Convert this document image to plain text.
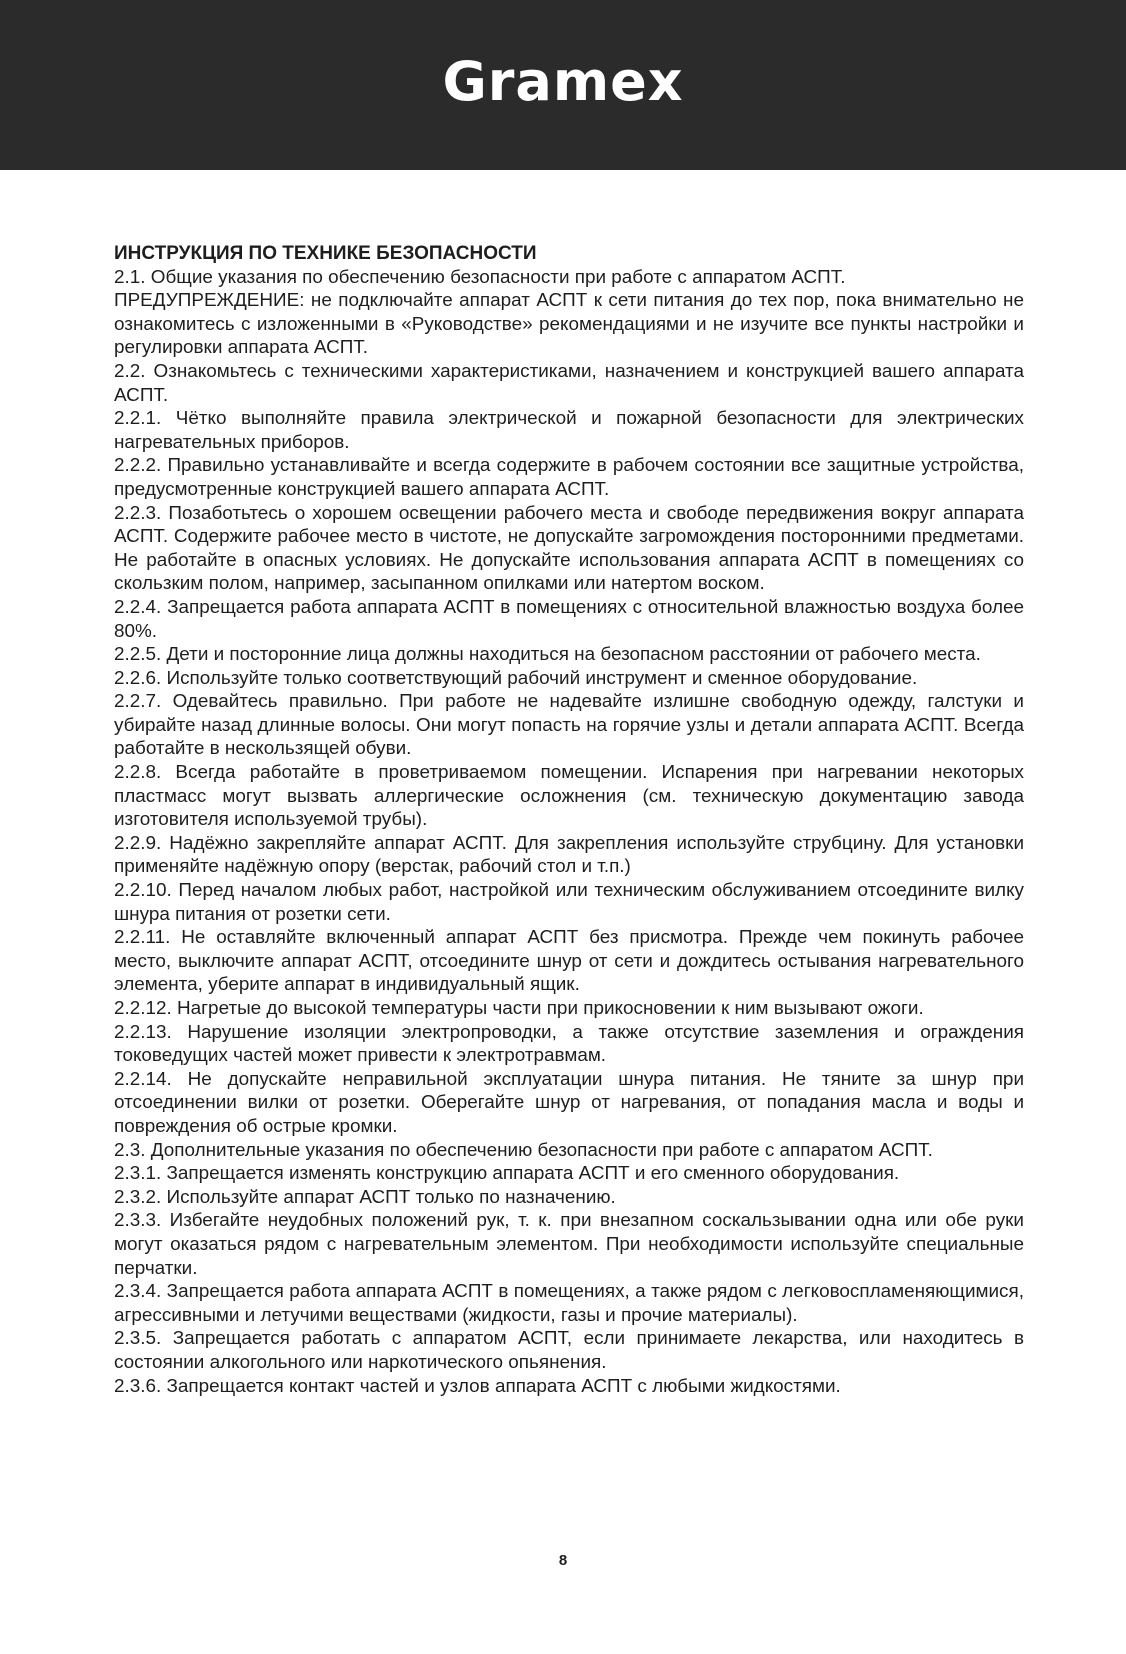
Gramex

ИНСТРУКЦИЯ ПО ТЕХНИКЕ БЕЗОПАСНОСТИ

2.1. Общие указания по обеспечению безопасности при работе с аппаратом АСПТ.

ПРЕДУПРЕЖДЕНИЕ: не подключайте аппарат АСПТ к сети питания до тех пор, пока внимательно не ознакомитесь с изложенными в «Руководстве» рекомендациями и не изучите все пункты настройки и регулировки аппарата АСПТ.

2.2. Ознакомьтесь с техническими характеристиками, назначением и конструкцией вашего аппарата АСПТ.

2.2.1. Чётко выполняйте правила электрической и пожарной безопасности для электрических нагревательных приборов.

2.2.2. Правильно устанавливайте и всегда содержите в рабочем состоянии все защитные устройства, предусмотренные конструкцией вашего аппарата АСПТ.

2.2.3. Позаботьтесь о хорошем освещении рабочего места и свободе передвижения вокруг аппарата АСПТ. Содержите рабочее место в чистоте, не допускайте загромождения посторонними предметами. Не работайте в опасных условиях. Не допускайте использования аппарата АСПТ в помещениях со скользким полом, например, засыпанном опилками или натертом воском.

2.2.4. Запрещается работа аппарата АСПТ в помещениях с относительной влажностью воздуха более 80%.

2.2.5. Дети и посторонние лица должны находиться на безопасном расстоянии от рабочего места.

2.2.6. Используйте только соответствующий рабочий инструмент и сменное оборудование.

2.2.7. Одевайтесь правильно. При работе не надевайте излишне свободную одежду, галстуки и убирайте назад длинные волосы. Они могут попасть на горячие узлы и детали аппарата АСПТ. Всегда работайте в нескользящей обуви.

2.2.8. Всегда работайте в проветриваемом помещении. Испарения при нагревании некоторых пластмасс могут вызвать аллергические осложнения (см. техническую документацию завода изготовителя используемой трубы).

2.2.9. Надёжно закрепляйте аппарат АСПТ. Для закрепления используйте струбцину. Для установки применяйте надёжную опору (верстак, рабочий стол и т.п.)

2.2.10. Перед началом любых работ, настройкой или техническим обслуживанием отсоедините вилку шнура питания от розетки сети.

2.2.11. Не оставляйте включенный аппарат АСПТ без присмотра. Прежде чем покинуть рабочее место, выключите аппарат АСПТ, отсоедините шнур от сети и дождитесь остывания нагревательного элемента, уберите аппарат в индивидуальный ящик.

2.2.12. Нагретые до высокой температуры части при прикосновении к ним вызывают ожоги.

2.2.13. Нарушение изоляции электропроводки, а также отсутствие заземления и ограждения токоведущих частей может привести к электротравмам.

2.2.14. Не допускайте неправильной эксплуатации шнура питания. Не тяните за шнур при отсоединении вилки от розетки. Оберегайте шнур от нагревания, от попадания масла и воды и повреждения об острые кромки.

2.3. Дополнительные указания по обеспечению безопасности при работе с аппаратом АСПТ.

2.3.1. Запрещается изменять конструкцию аппарата АСПТ и его сменного оборудования.

2.3.2. Используйте аппарат АСПТ только по назначению.

2.3.3. Избегайте неудобных положений рук, т. к. при внезапном соскальзывании одна или обе руки могут оказаться рядом с нагревательным элементом. При необходимости используйте специальные перчатки.

2.3.4. Запрещается работа аппарата АСПТ в помещениях, а также рядом с легковоспламеняющимися, агрессивными и летучими веществами (жидкости, газы и прочие материалы).

2.3.5. Запрещается работать с аппаратом АСПТ, если принимаете лекарства, или находитесь в состоянии алкогольного или наркотического опьянения.

2.3.6. Запрещается контакт частей и узлов аппарата АСПТ с любыми жидкостями.

8
